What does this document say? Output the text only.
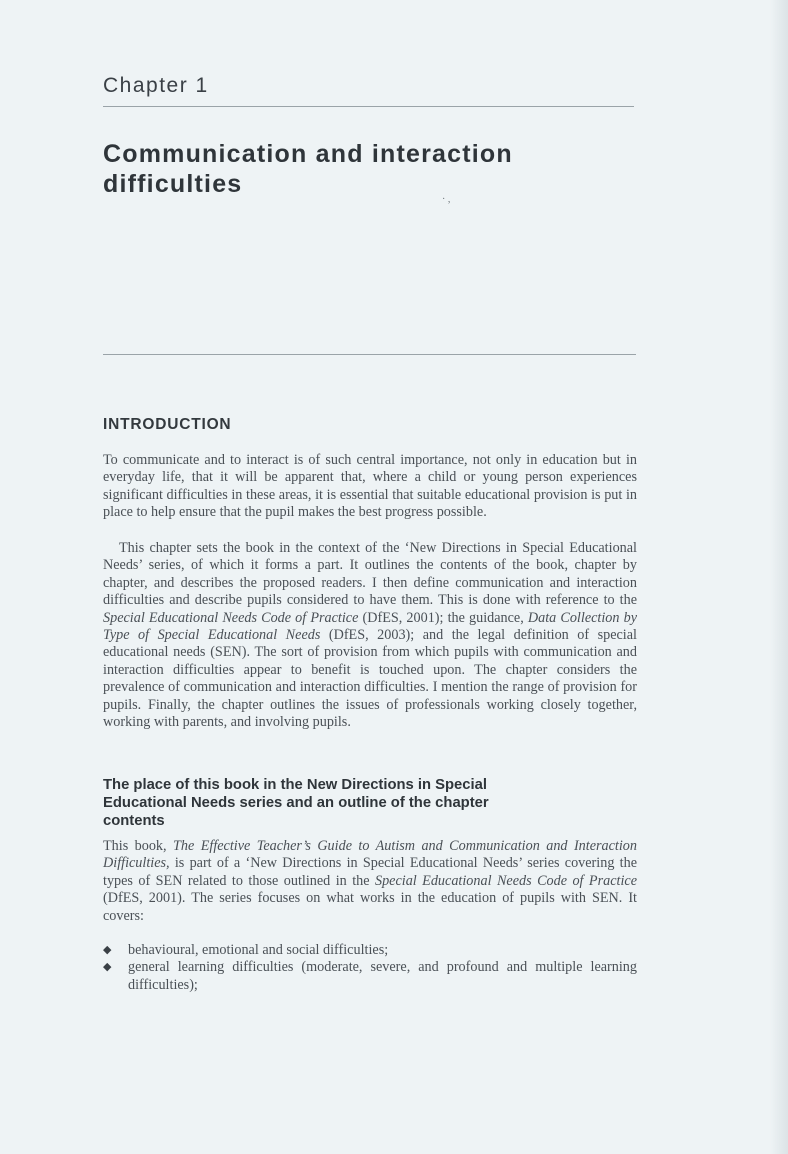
Chapter 1
Communication and interaction difficulties
· ,
INTRODUCTION

To communicate and to interact is of such central importance, not only in education but in everyday life, that it will be apparent that, where a child or young person experiences significant difficulties in these areas, it is essential that suitable educational provision is put in place to help ensure that the pupil makes the best progress possible.

This chapter sets the book in the context of the ‘New Directions in Special Educational Needs’ series, of which it forms a part. It outlines the contents of the book, chapter by chapter, and describes the proposed readers. I then define communication and interaction difficulties and describe pupils considered to have them. This is done with reference to the Special Educational Needs Code of Practice (DfES, 2001); the guidance, Data Collection by Type of Special Educational Needs (DfES, 2003); and the legal definition of special educational needs (SEN). The sort of provision from which pupils with communication and interaction difficulties appear to benefit is touched upon. The chapter considers the prevalence of communication and interaction difficulties. I mention the range of provision for pupils. Finally, the chapter outlines the issues of professionals working closely together, working with parents, and involving pupils.

The place of this book in the New Directions in Special Educational Needs series and an outline of the chapter contents

This book, The Effective Teacher’s Guide to Autism and Communication and Interaction Difficulties, is part of a ‘New Directions in Special Educational Needs’ series covering the types of SEN related to those outlined in the Special Educational Needs Code of Practice (DfES, 2001). The series focuses on what works in the education of pupils with SEN. It covers:

◆ behavioural, emotional and social difficulties;
◆ general learning difficulties (moderate, severe, and profound and multiple learning difficulties);
